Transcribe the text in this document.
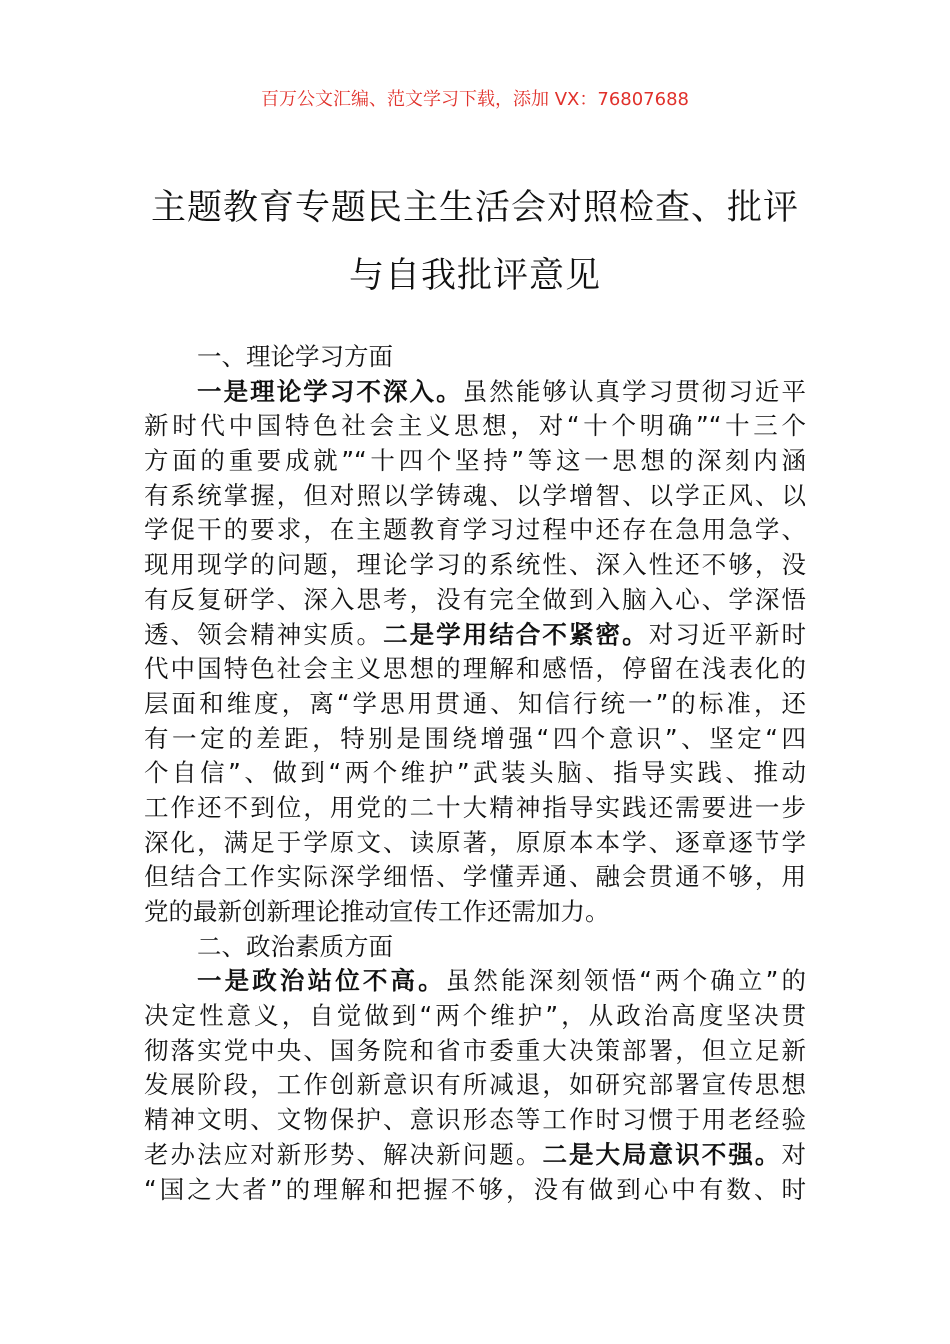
百万公文汇编、范文学习下载，添加 VX：76807688
主题教育专题民主生活会对照检查、批评
与自我批评意见
一、理论学习方面
一是理论学习不深入。虽然能够认真学习贯彻习近平
新时代中国特色社会主义思想，对“十个明确”“十三个
方面的重要成就”“十四个坚持”等这一思想的深刻内涵
有系统掌握，但对照以学铸魂、以学增智、以学正风、以
学促干的要求，在主题教育学习过程中还存在急用急学、
现用现学的问题，理论学习的系统性、深入性还不够，没
有反复研学、深入思考，没有完全做到入脑入心、学深悟
透、领会精神实质。二是学用结合不紧密。对习近平新时
代中国特色社会主义思想的理解和感悟，停留在浅表化的
层面和维度，离“学思用贯通、知信行统一”的标准，还
有一定的差距，特别是围绕增强“四个意识”、坚定“四
个自信”、做到“两个维护”武装头脑、指导实践、推动
工作还不到位，用党的二十大精神指导实践还需要进一步
深化，满足于学原文、读原著，原原本本学、逐章逐节学
但结合工作实际深学细悟、学懂弄通、融会贯通不够，用
党的最新创新理论推动宣传工作还需加力。
二、政治素质方面
一是政治站位不高。虽然能深刻领悟“两个确立”的
决定性意义，自觉做到“两个维护”，从政治高度坚决贯
彻落实党中央、国务院和省市委重大决策部署，但立足新
发展阶段，工作创新意识有所减退，如研究部署宣传思想
精神文明、文物保护、意识形态等工作时习惯于用老经验
老办法应对新形势、解决新问题。二是大局意识不强。对
“国之大者”的理解和把握不够，没有做到心中有数、时
